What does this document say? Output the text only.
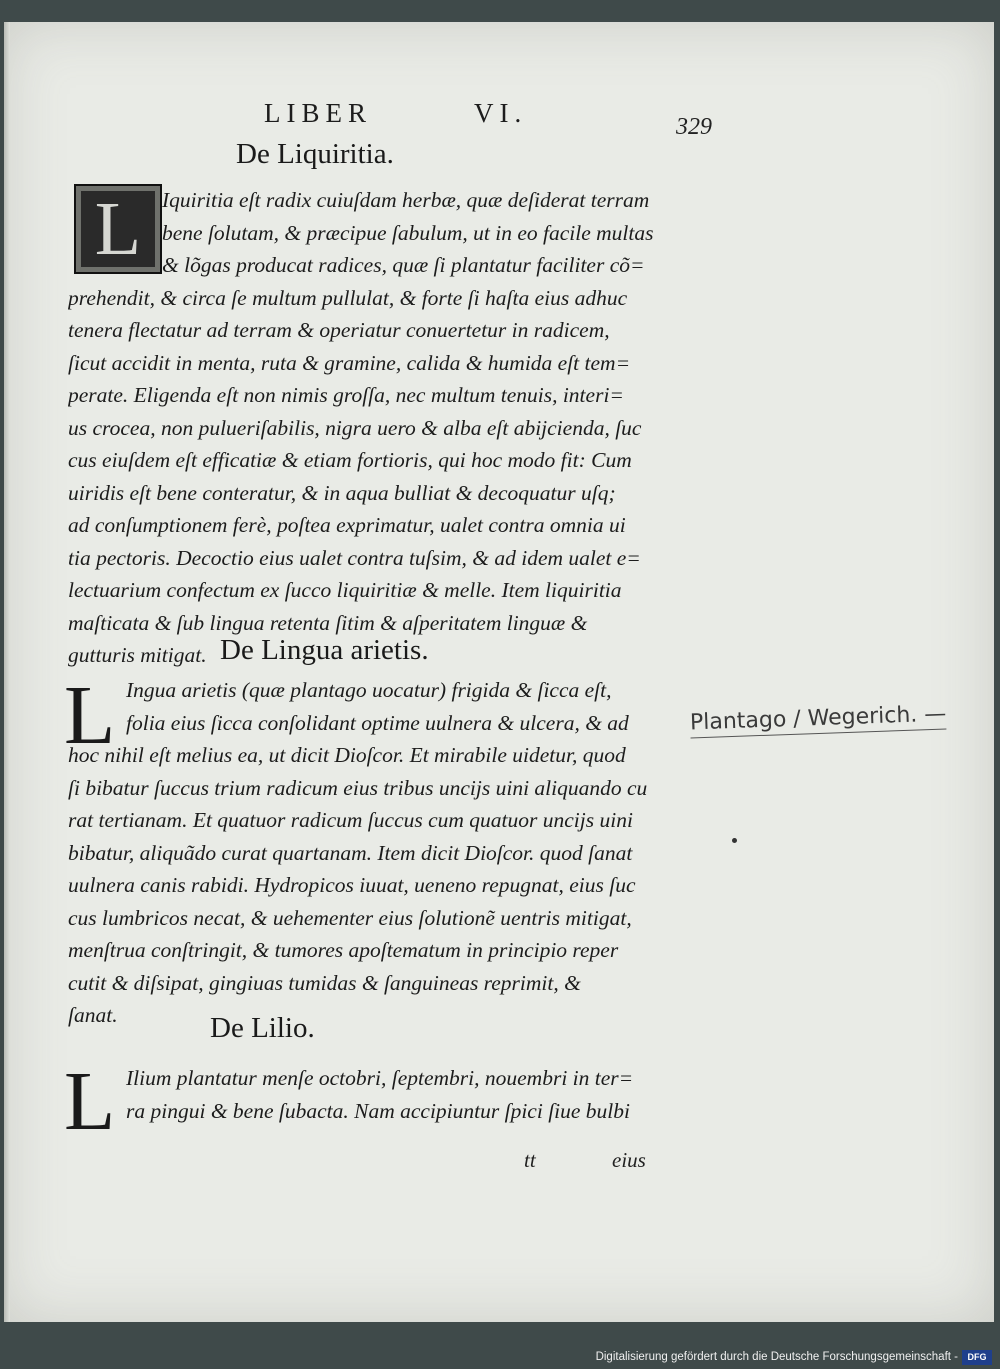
LIBER	VI.	329
De Liquiritia.
L Iquiritia eſt radix cuiuſdam herbæ, quæ deſiderat terram
bene ſolutam, & præcipue ſabulum, ut in eo facile multas
& lõgas producat radices, quæ ſi plantatur faciliter cõ=
prehendit, & circa ſe multum pullulat, & forte ſi haſta eius adhuc
tenera flectatur ad terram & operiatur conuertetur in radicem,
ſicut accidit in menta, ruta & gramine, calida & humida eſt tem=
perate. Eligenda eſt non nimis groſſa, nec multum tenuis, interi=
us crocea, non pulueriſabilis, nigra uero & alba eſt abijcienda, ſuc
cus eiuſdem eſt efficatiæ & etiam fortioris, qui hoc modo fit: Cum
uiridis eſt bene conteratur, & in aqua bulliat & decoquatur uſq;
ad conſumptionem ferè, poſtea exprimatur, ualet contra omnia ui
tia pectoris. Decoctio eius ualet contra tuſsim, & ad idem ualet e=
lectuarium confectum ex ſucco liquiritiæ & melle. Item liquiritia
maſticata & ſub lingua retenta ſitim & aſperitatem linguæ &
gutturis mitigat. De Lingua arietis.
L Ingua arietis (quæ plantago uocatur) frigida & ſicca eſt,
folia eius ſicca conſolidant optime uulnera & ulcera, & ad
hoc nihil eſt melius ea, ut dicit Dioſcor. Et mirabile uidetur, quod
ſi bibatur ſuccus trium radicum eius tribus uncijs uini aliquando cu
rat tertianam. Et quatuor radicum ſuccus cum quatuor uncijs uini
bibatur, aliquãdo curat quartanam. Item dicit Dioſcor. quod ſanat
uulnera canis rabidi. Hydropicos iuuat, ueneno repugnat, eius ſuc
cus lumbricos necat, & uehementer eius ſolutionẽ uentris mitigat,
menſtrua conſtringit, & tumores apoſtematum in principio reper
cutit & diſsipat, gingiuas tumidas & ſanguineas reprimit, &
ſanat.	De Lilio.
L Ilium plantatur menſe octobri, ſeptembri, nouembri in ter=
ra pingui & bene ſubacta. Nam accipiuntur ſpici ſiue bulbi
tt	eius
Plantago / Wegerich. —
Digitalisierung gefördert durch die Deutsche Forschungsgemeinschaft -	DFG
